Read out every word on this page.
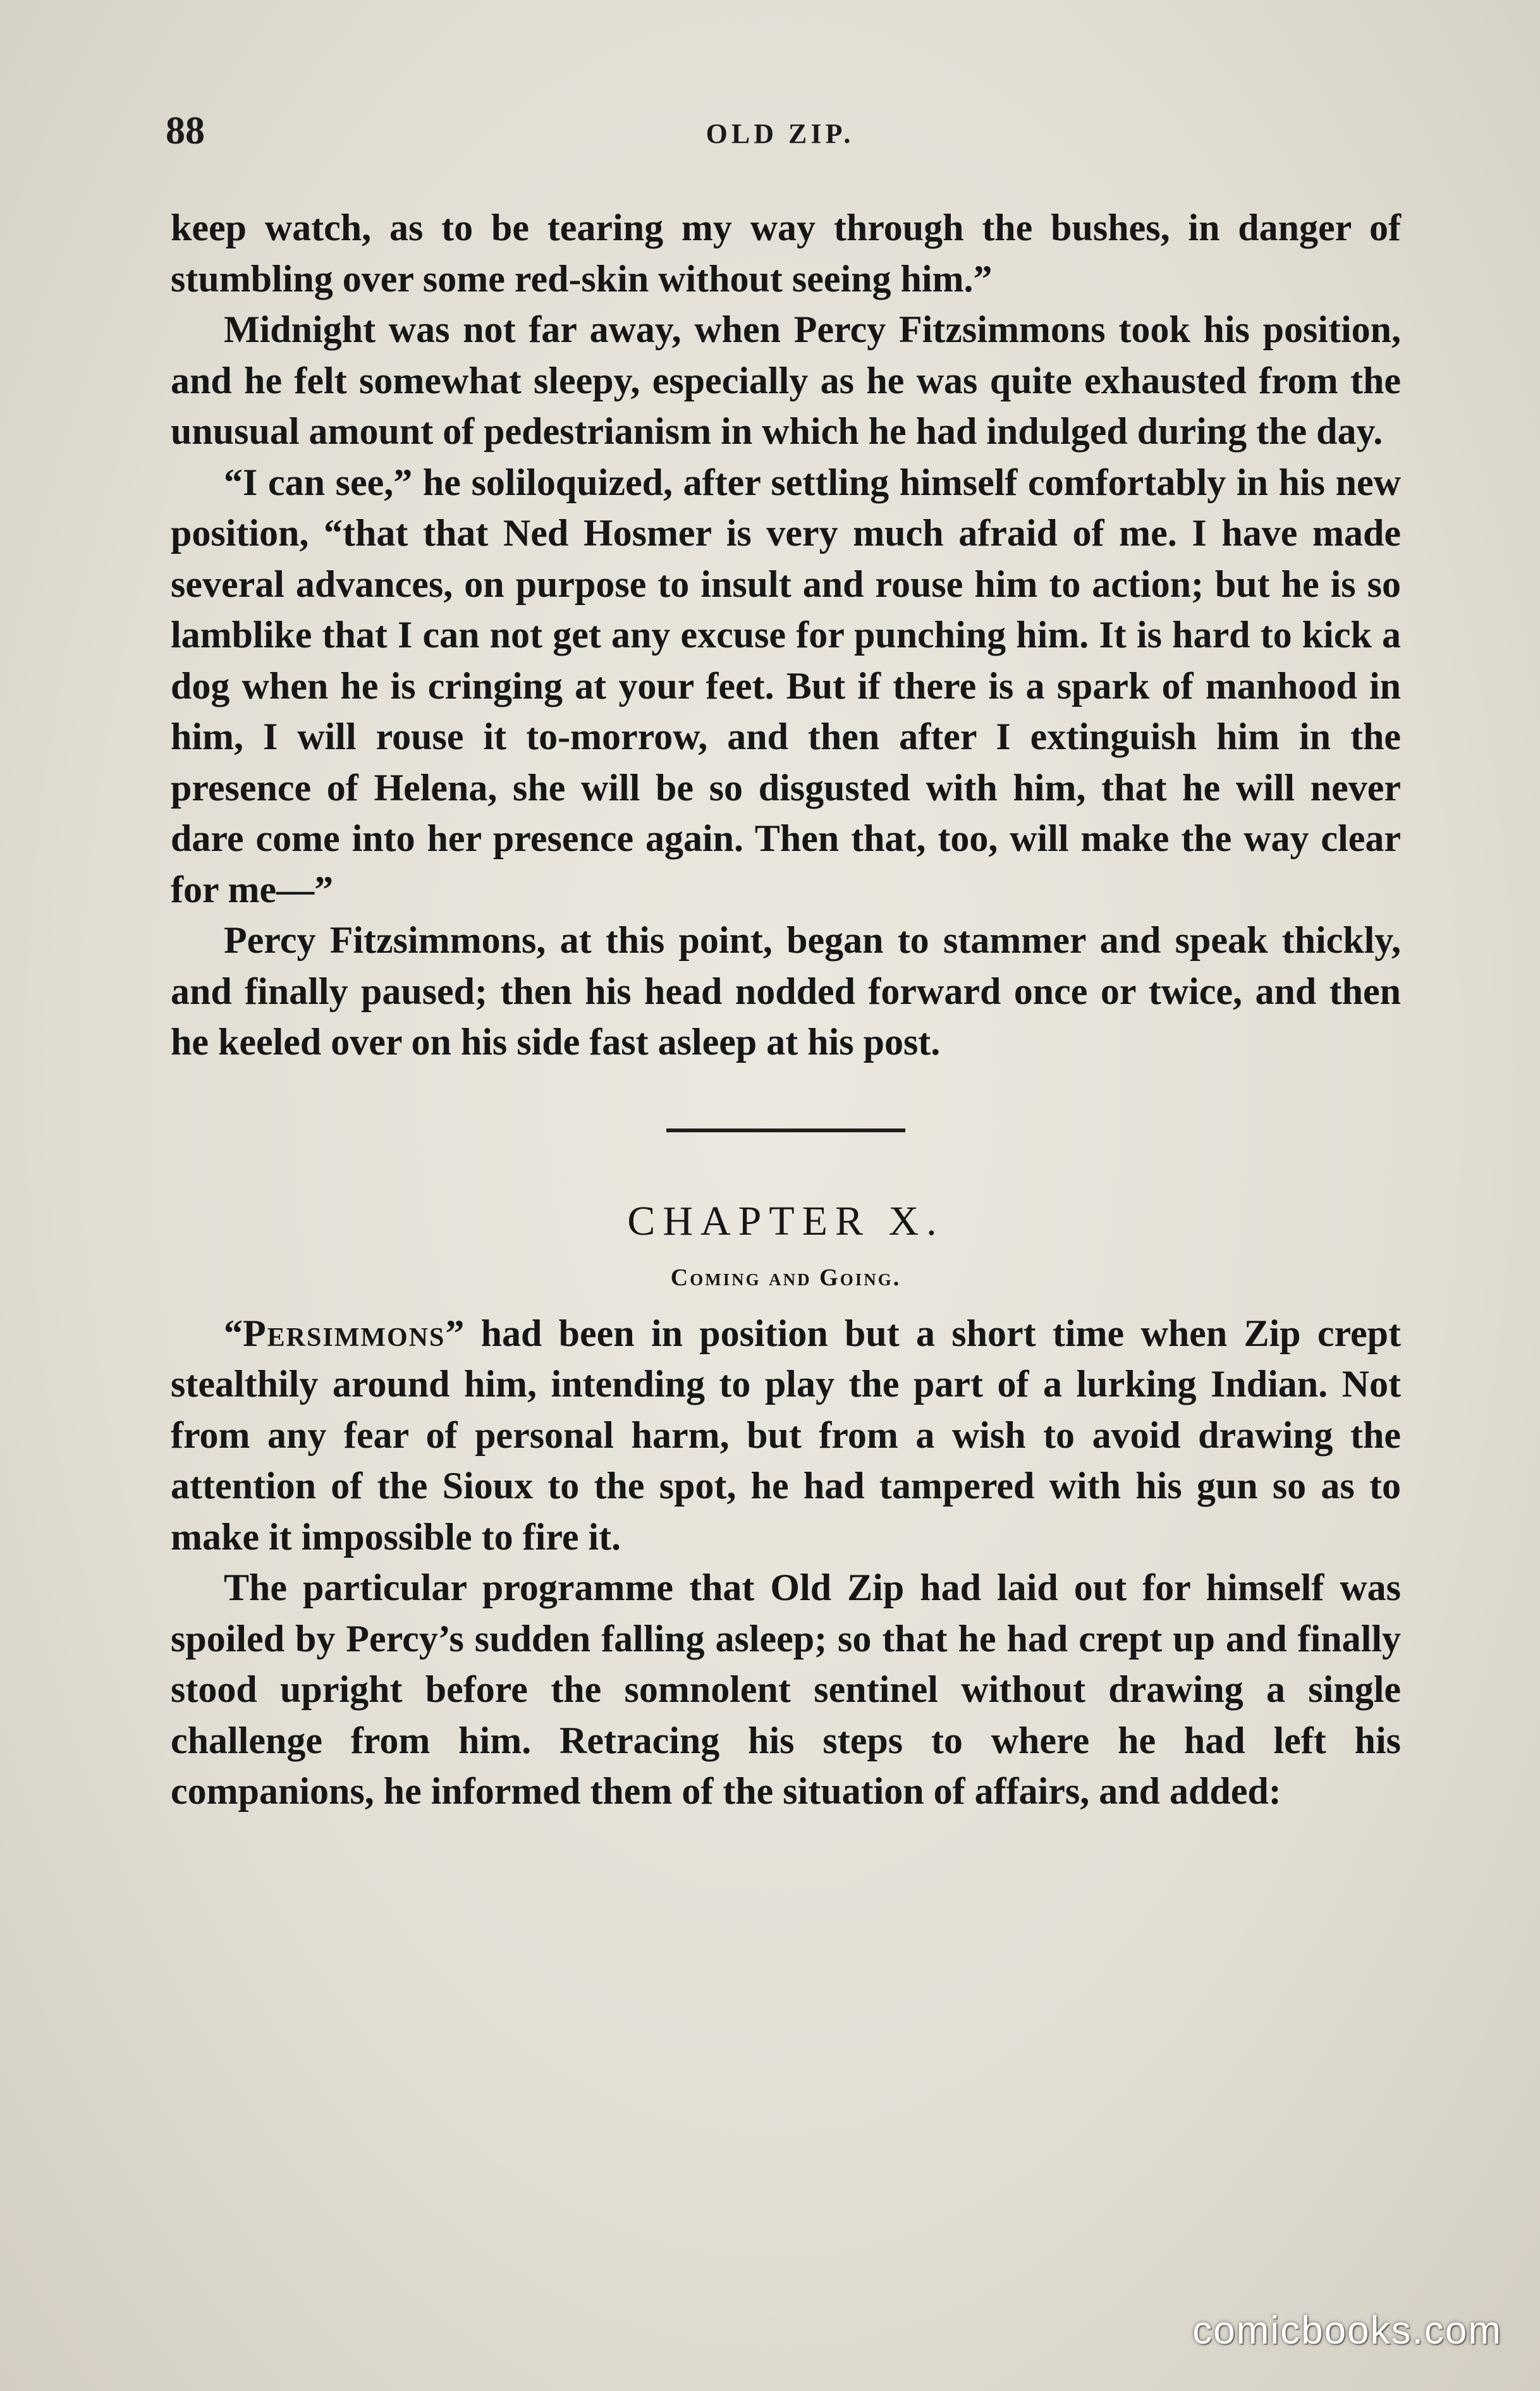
88	OLD ZIP.

keep watch, as to be tearing my way through the bushes, in danger of stumbling over some red-skin without seeing him.”

Midnight was not far away, when Percy Fitzsimmons took his position, and he felt somewhat sleepy, especially as he was quite exhausted from the unusual amount of pedestrianism in which he had indulged during the day.

“I can see,” he soliloquized, after settling himself comfortably in his new position, “that that Ned Hosmer is very much afraid of me. I have made several advances, on purpose to insult and rouse him to action; but he is so lamblike that I can not get any excuse for punching him. It is hard to kick a dog when he is cringing at your feet. But if there is a spark of manhood in him, I will rouse it to-morrow, and then after I extinguish him in the presence of Helena, she will be so disgusted with him, that he will never dare come into her presence again. Then that, too, will make the way clear for me—”

Percy Fitzsimmons, at this point, began to stammer and speak thickly, and finally paused; then his head nodded forward once or twice, and then he keeled over on his side fast asleep at his post.

CHAPTER X.
Coming and Going.

“Persimmons” had been in position but a short time when Zip crept stealthily around him, intending to play the part of a lurking Indian. Not from any fear of personal harm, but from a wish to avoid drawing the attention of the Sioux to the spot, he had tampered with his gun so as to make it impossible to fire it.

The particular programme that Old Zip had laid out for himself was spoiled by Percy’s sudden falling asleep; so that he had crept up and finally stood upright before the somnolent sentinel without drawing a single challenge from him. Retracing his steps to where he had left his companions, he informed them of the situation of affairs, and added:

comicbooks.com
